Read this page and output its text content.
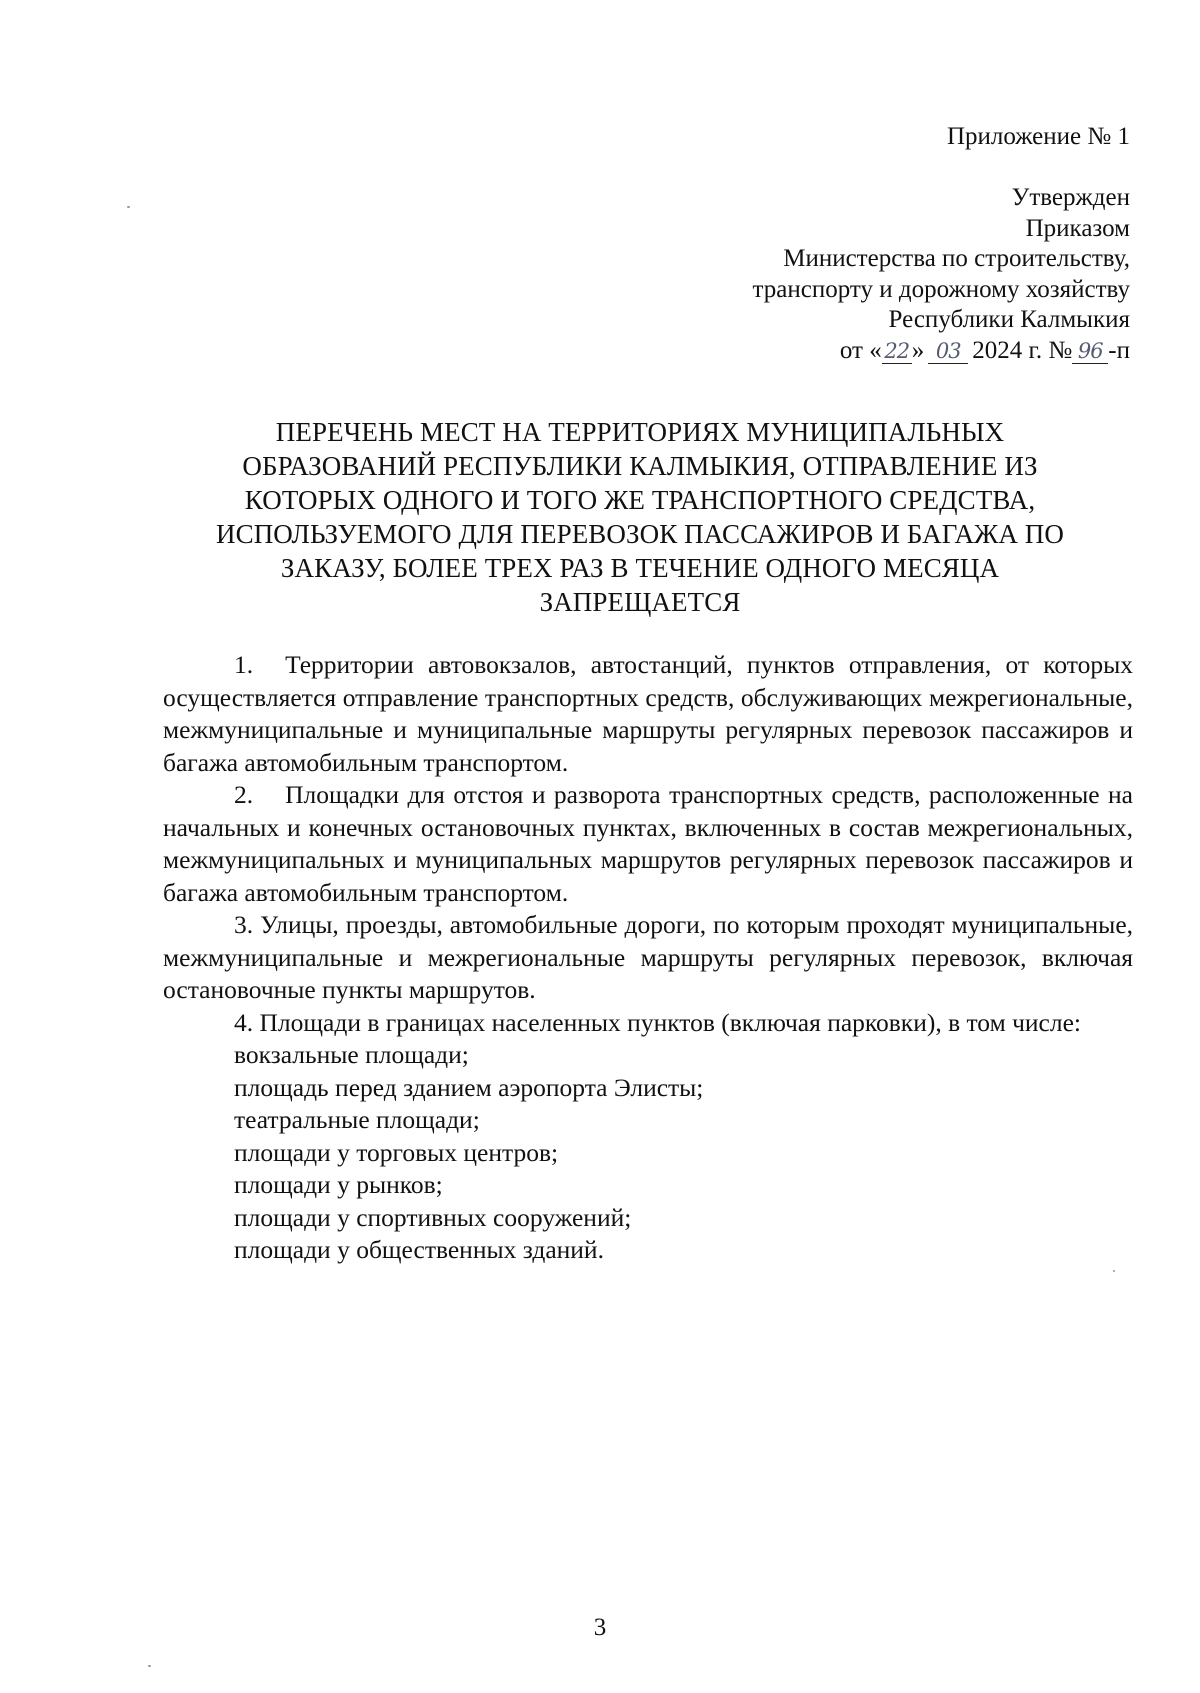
Приложение № 1
Утвержден
Приказом
Министерства по строительству,
транспорту и дорожному хозяйству
Республики Калмыкия
от « 22 » 03 2024 г. № 96 -п
ПЕРЕЧЕНЬ МЕСТ НА ТЕРРИТОРИЯХ МУНИЦИПАЛЬНЫХ
ОБРАЗОВАНИЙ РЕСПУБЛИКИ КАЛМЫКИЯ, ОТПРАВЛЕНИЕ ИЗ
КОТОРЫХ ОДНОГО И ТОГО ЖЕ ТРАНСПОРТНОГО СРЕДСТВА,
ИСПОЛЬЗУЕМОГО ДЛЯ ПЕРЕВОЗОК ПАССАЖИРОВ И БАГАЖА ПО
ЗАКАЗУ, БОЛЕЕ ТРЕХ РАЗ В ТЕЧЕНИЕ ОДНОГО МЕСЯЦА
ЗАПРЕЩАЕТСЯ

1. Территории автовокзалов, автостанций, пунктов отправления, от которых осуществляется отправление транспортных средств, обслуживающих межрегиональные, межмуниципальные и муниципальные маршруты регулярных перевозок пассажиров и багажа автомобильным транспортом.

2. Площадки для отстоя и разворота транспортных средств, расположенные на начальных и конечных остановочных пунктах, включенных в состав межрегиональных, межмуниципальных и муниципальных маршрутов регулярных перевозок пассажиров и багажа автомобильным транспортом.

3. Улицы, проезды, автомобильные дороги, по которым проходят муниципальные, межмуниципальные и межрегиональные маршруты регулярных перевозок, включая остановочные пункты маршрутов.

4. Площади в границах населенных пунктов (включая парковки), в том числе:

вокзальные площади;

площадь перед зданием аэропорта Элисты;

театральные площади;

площади у торговых центров;

площади у рынков;

площади у спортивных сооружений;

площади у общественных зданий.

3
